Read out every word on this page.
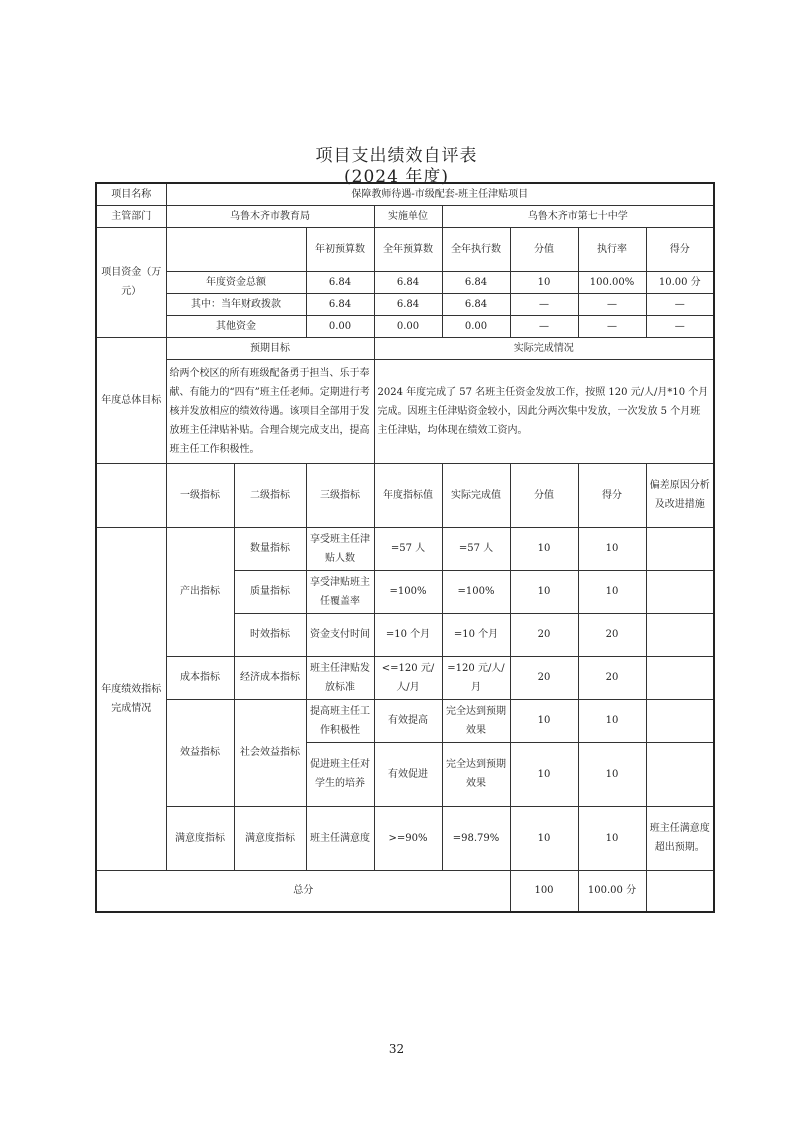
项目支出绩效自评表
(2024 年度)
项目名称	保障教师待遇-市级配套-班主任津贴项目							
主管部门	乌鲁木齐市教育局			实施单位	乌鲁木齐市第七十中学			
项目资金（万元）			年初预算数	全年预算数	全年执行数	分值	执行率	得分
	年度资金总额		6.84	6.84	6.84	10	100.00%	10.00 分
	其中：当年财政拨款		6.84	6.84	6.84	—	—	—
	其他资金		0.00	0.00	0.00	—	—	—
年度总体目标	预期目标			实际完成情况				
	给两个校区的所有班级配备勇于担当、乐于奉献、有能力的“四有”班主任老师。定期进行考核并发放相应的绩效待遇。该项目全部用于发放班主任津贴补贴。合理合规完成支出，提高班主任工作积极性。			2024 年度完成了 57 名班主任资金发放工作，按照 120 元/人/月*10 个月完成。因班主任津贴资金较小，因此分两次集中发放，一次发放 5 个月班主任津贴，均体现在绩效工资内。				
	一级指标	二级指标	三级指标	年度指标值	实际完成值	分值	得分	偏差原因分析及改进措施
年度绩效指标完成情况	产出指标	数量指标	享受班主任津贴人数	=57 人	=57 人	10	10	
		质量指标	享受津贴班主任覆盖率	=100%	=100%	10	10	
		时效指标	资金支付时间	=10 个月	=10 个月	20	20	
	成本指标	经济成本指标	班主任津贴发放标准	<=120 元/人/月	=120 元/人/月	20	20	
	效益指标	社会效益指标	提高班主任工作积极性	有效提高	完全达到预期效果	10	10	
			促进班主任对学生的培养	有效促进	完全达到预期效果	10	10	
	满意度指标	满意度指标	班主任满意度	>=90%	=98.79%	10	10	班主任满意度超出预期。
总分						100	100.00 分	
32
